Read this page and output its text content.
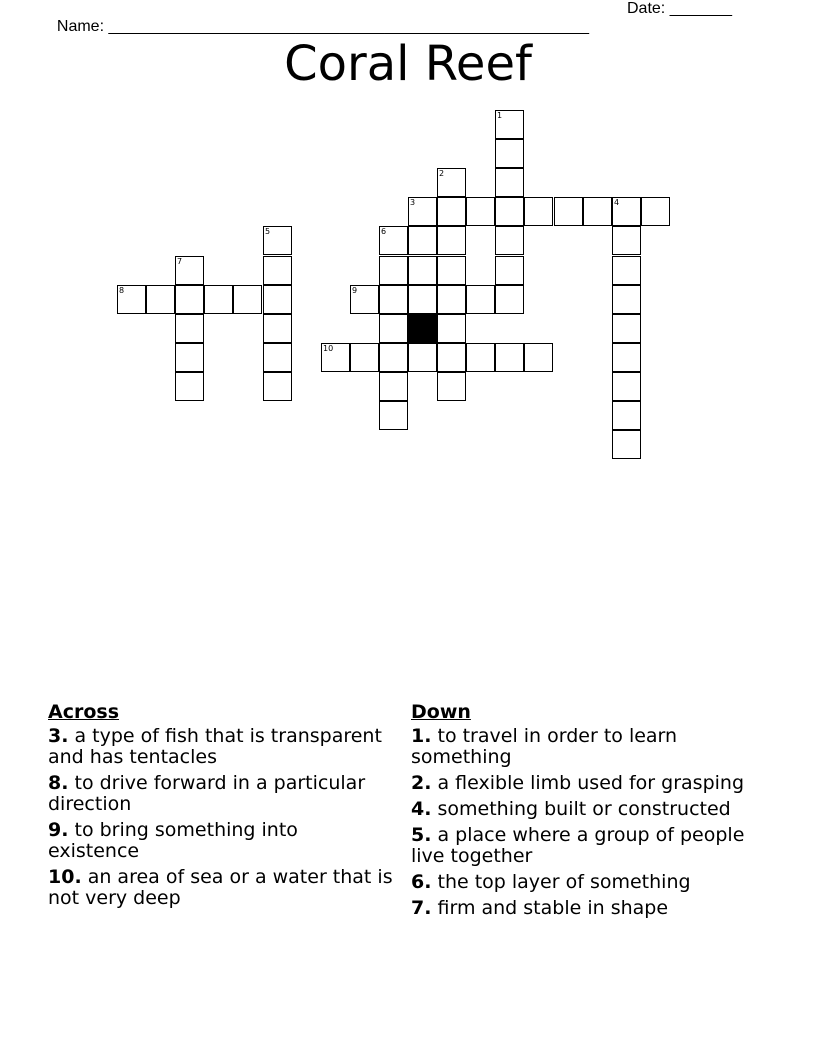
Name: ______________________________________________________

Date: _______

Coral Reef
1
2
3	4
6
5
7
8	9
10
Across
3. a type of fish that is transparent and has tentacles
8. to drive forward in a particular direction
9. to bring something into existence
10. an area of sea or a water that is not very deep
Down
1. to travel in order to learn something
2. a flexible limb used for grasping
4. something built or constructed
5. a place where a group of people live together
6. the top layer of something
7. firm and stable in shape
